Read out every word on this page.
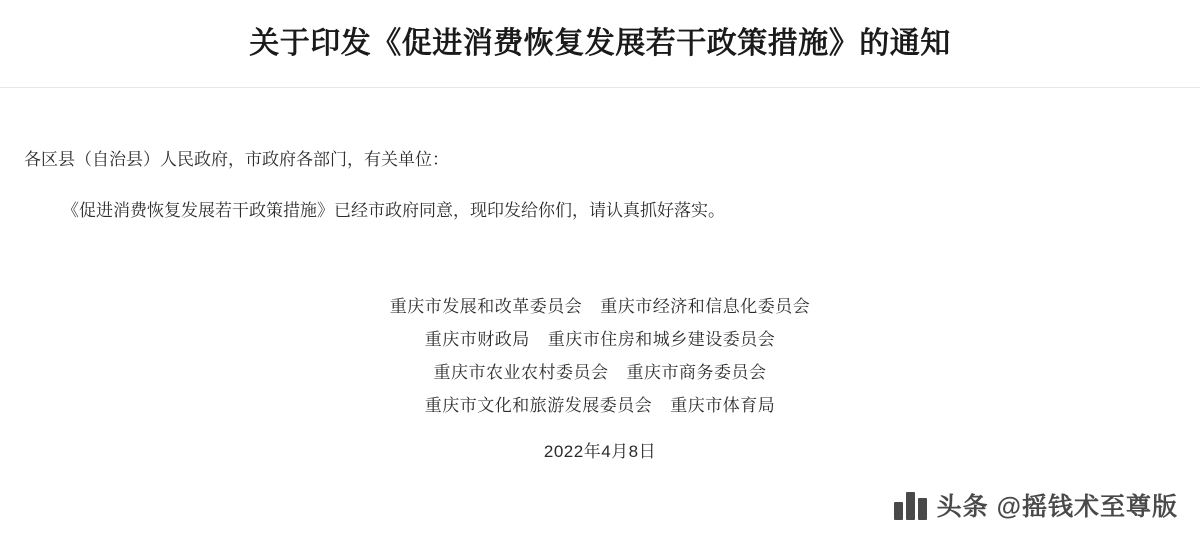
关于印发《促进消费恢复发展若干政策措施》的通知

各区县（自治县）人民政府，市政府各部门，有关单位：

《促进消费恢复发展若干政策措施》已经市政府同意，现印发给你们，请认真抓好落实。

重庆市发展和改革委员会 重庆市经济和信息化委员会
重庆市财政局 重庆市住房和城乡建设委员会
重庆市农业农村委员会 重庆市商务委员会
重庆市文化和旅游发展委员会 重庆市体育局
2022年4月8日
头条 @摇钱术至尊版
